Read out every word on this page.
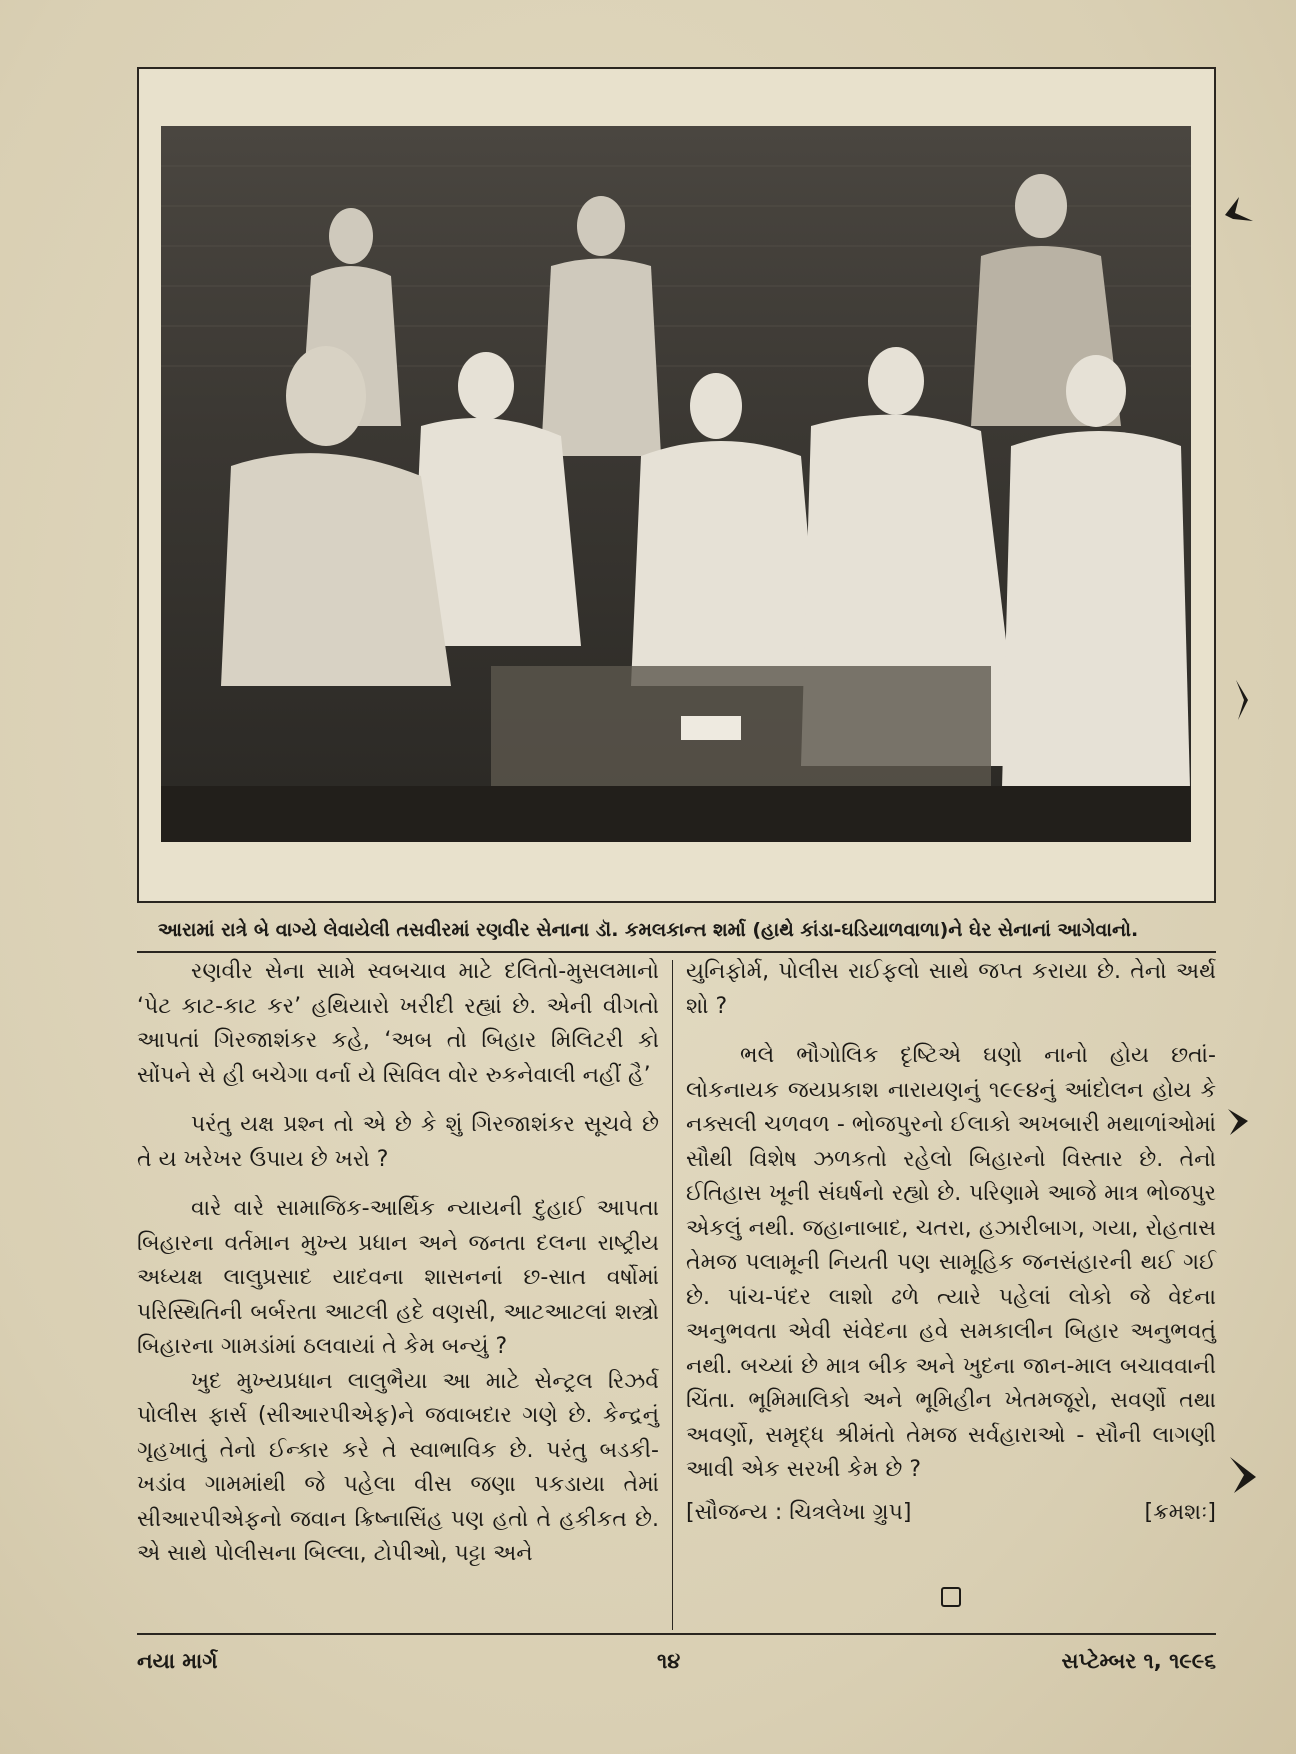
આરામાં રાત્રે બે વાગ્યે લેવાયેલી તસવીરમાં રણવીર સેનાના ડૉ. કમલકાન્ત શર્મા (હાથે કાંડા-ઘડિયાળવાળા)ને ઘેર સેનાનાં આગેવાનો.

રણવીર સેના સામે સ્વબચાવ માટે દલિતો-મુસલમાનો ‘પેટ કાટ-કાટ કર’ હથિયારો ખરીદી રહ્યાં છે. એની વીગતો આપતાં ગિરજાશંકર કહે, ‘અબ તો બિહાર મિલિટરી કો સોંપને સે હી બચેગા વર્ના યે સિવિલ વોર રુકનેવાલી નહીં હૈ’

પરંતુ યક્ષ પ્રશ્ન તો એ છે કે શું ગિરજાશંકર સૂચવે છે તે ય ખરેખર ઉપાય છે ખરો ?

વારે વારે સામાજિક-આર્થિક ન્યાયની દુહાઈ આપતા બિહારના વર્તમાન મુખ્ય પ્રધાન અને જનતા દલના રાષ્ટ્રીય અધ્યક્ષ લાલુપ્રસાદ યાદવના શાસનનાં છ-સાત વર્ષોમાં પરિસ્થિતિની બર્બરતા આટલી હદે વણસી, આટઆટલાં શસ્ત્રો બિહારના ગામડાંમાં ઠલવાયાં તે કેમ બન્યું ?

ખુદ મુખ્યપ્રધાન લાલુભૈયા આ માટે સેન્ટ્રલ રિઝર્વ પોલીસ ફાર્સ (સીઆરપીએફ)ને જવાબદાર ગણે છે. કેન્દ્રનું ગૃહખાતું તેનો ઈન્કાર કરે તે સ્વાભાવિક છે. પરંતુ બડકી-ખડાંવ ગામમાંથી જે પહેલા વીસ જણા પકડાયા તેમાં સીઆરપીએફનો જવાન ક્રિષ્નાસિંહ પણ હતો તે હકીકત છે. એ સાથે પોલીસના બિલ્લા, ટોપીઓ, પટ્ટા અને

યુનિફોર્મ, પોલીસ રાઈફલો સાથે જપ્ત કરાયા છે. તેનો અર્થ શો ?

ભલે ભૌગોલિક દૃષ્ટિએ ઘણો નાનો હોય છતાં-લોકનાયક જયપ્રકાશ નારાયણનું ૧૯૯૪નું આંદોલન હોય કે નક્સલી ચળવળ - ભોજપુરનો ઈલાકો અખબારી મથાળાંઓમાં સૌથી વિશેષ ઝળકતો રહેલો બિહારનો વિસ્તાર છે. તેનો ઈતિહાસ ખૂની સંઘર્ષનો રહ્યો છે. પરિણામે આજે માત્ર ભોજપુર એકલું નથી. જહાનાબાદ, ચતરા, હઝારીબાગ, ગયા, રોહતાસ તેમજ પલામૂની નિયતી પણ સામૂહિક જનસંહારની થઈ ગઈ છે. પાંચ-પંદર લાશો ઢળે ત્યારે પહેલાં લોકો જે વેદના અનુભવતા એવી સંવેદના હવે સમકાલીન બિહાર અનુભવતું નથી. બચ્યાં છે માત્ર બીક અને ખુદના જાન-માલ બચાવવાની ચિંતા. ભૂમિમાલિકો અને ભૂમિહીન ખેતમજૂરો, સવર્ણો તથા અવર્ણો, સમૃદ્ધ શ્રીમંતો તેમજ સર્વહારાઓ - સૌની લાગણી આવી એક સરખી કેમ છે ?

[સૌજન્ય : ચિત્રલેખા ગ્રુપ]	[ક્રમશઃ]
નયા માર્ગ	૧૪	સપ્ટેમ્બર ૧, ૧૯૯૬
